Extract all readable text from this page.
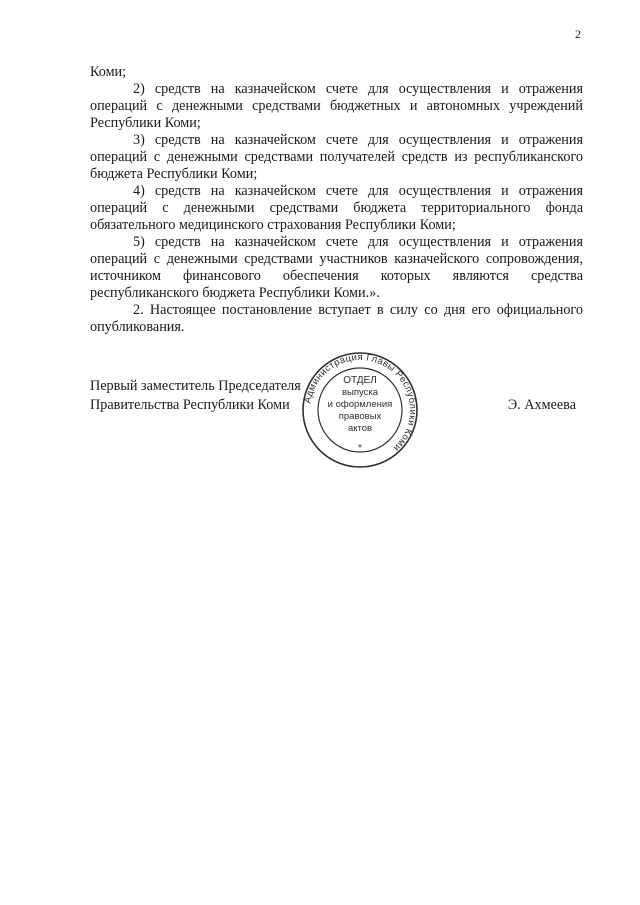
2

Коми;

2) средств на казначейском счете для осуществления и отражения операций с денежными средствами бюджетных и автономных учреждений Республики Коми;

3) средств на казначейском счете для осуществления и отражения операций с денежными средствами получателей средств из республиканского бюджета Республики Коми;

4) средств на казначейском счете для осуществления и отражения операций с денежными средствами бюджета территориального фонда обязательного медицинского страхования Республики Коми;

5) средств на казначейском счете для осуществления и отражения операций с денежными средствами участников казначейского сопровождения, источником финансового обеспечения которых являются средства республиканского бюджета Республики Коми.».

2. Настоящее постановление вступает в силу со дня его официального опубликования.

Первый заместитель Председателя
Правительства Республики Коми	Э. Ахмеева
Администрация Главы Республики Коми
ОТДЕЛ
выпуска
и оформления
правовых
актов
*
